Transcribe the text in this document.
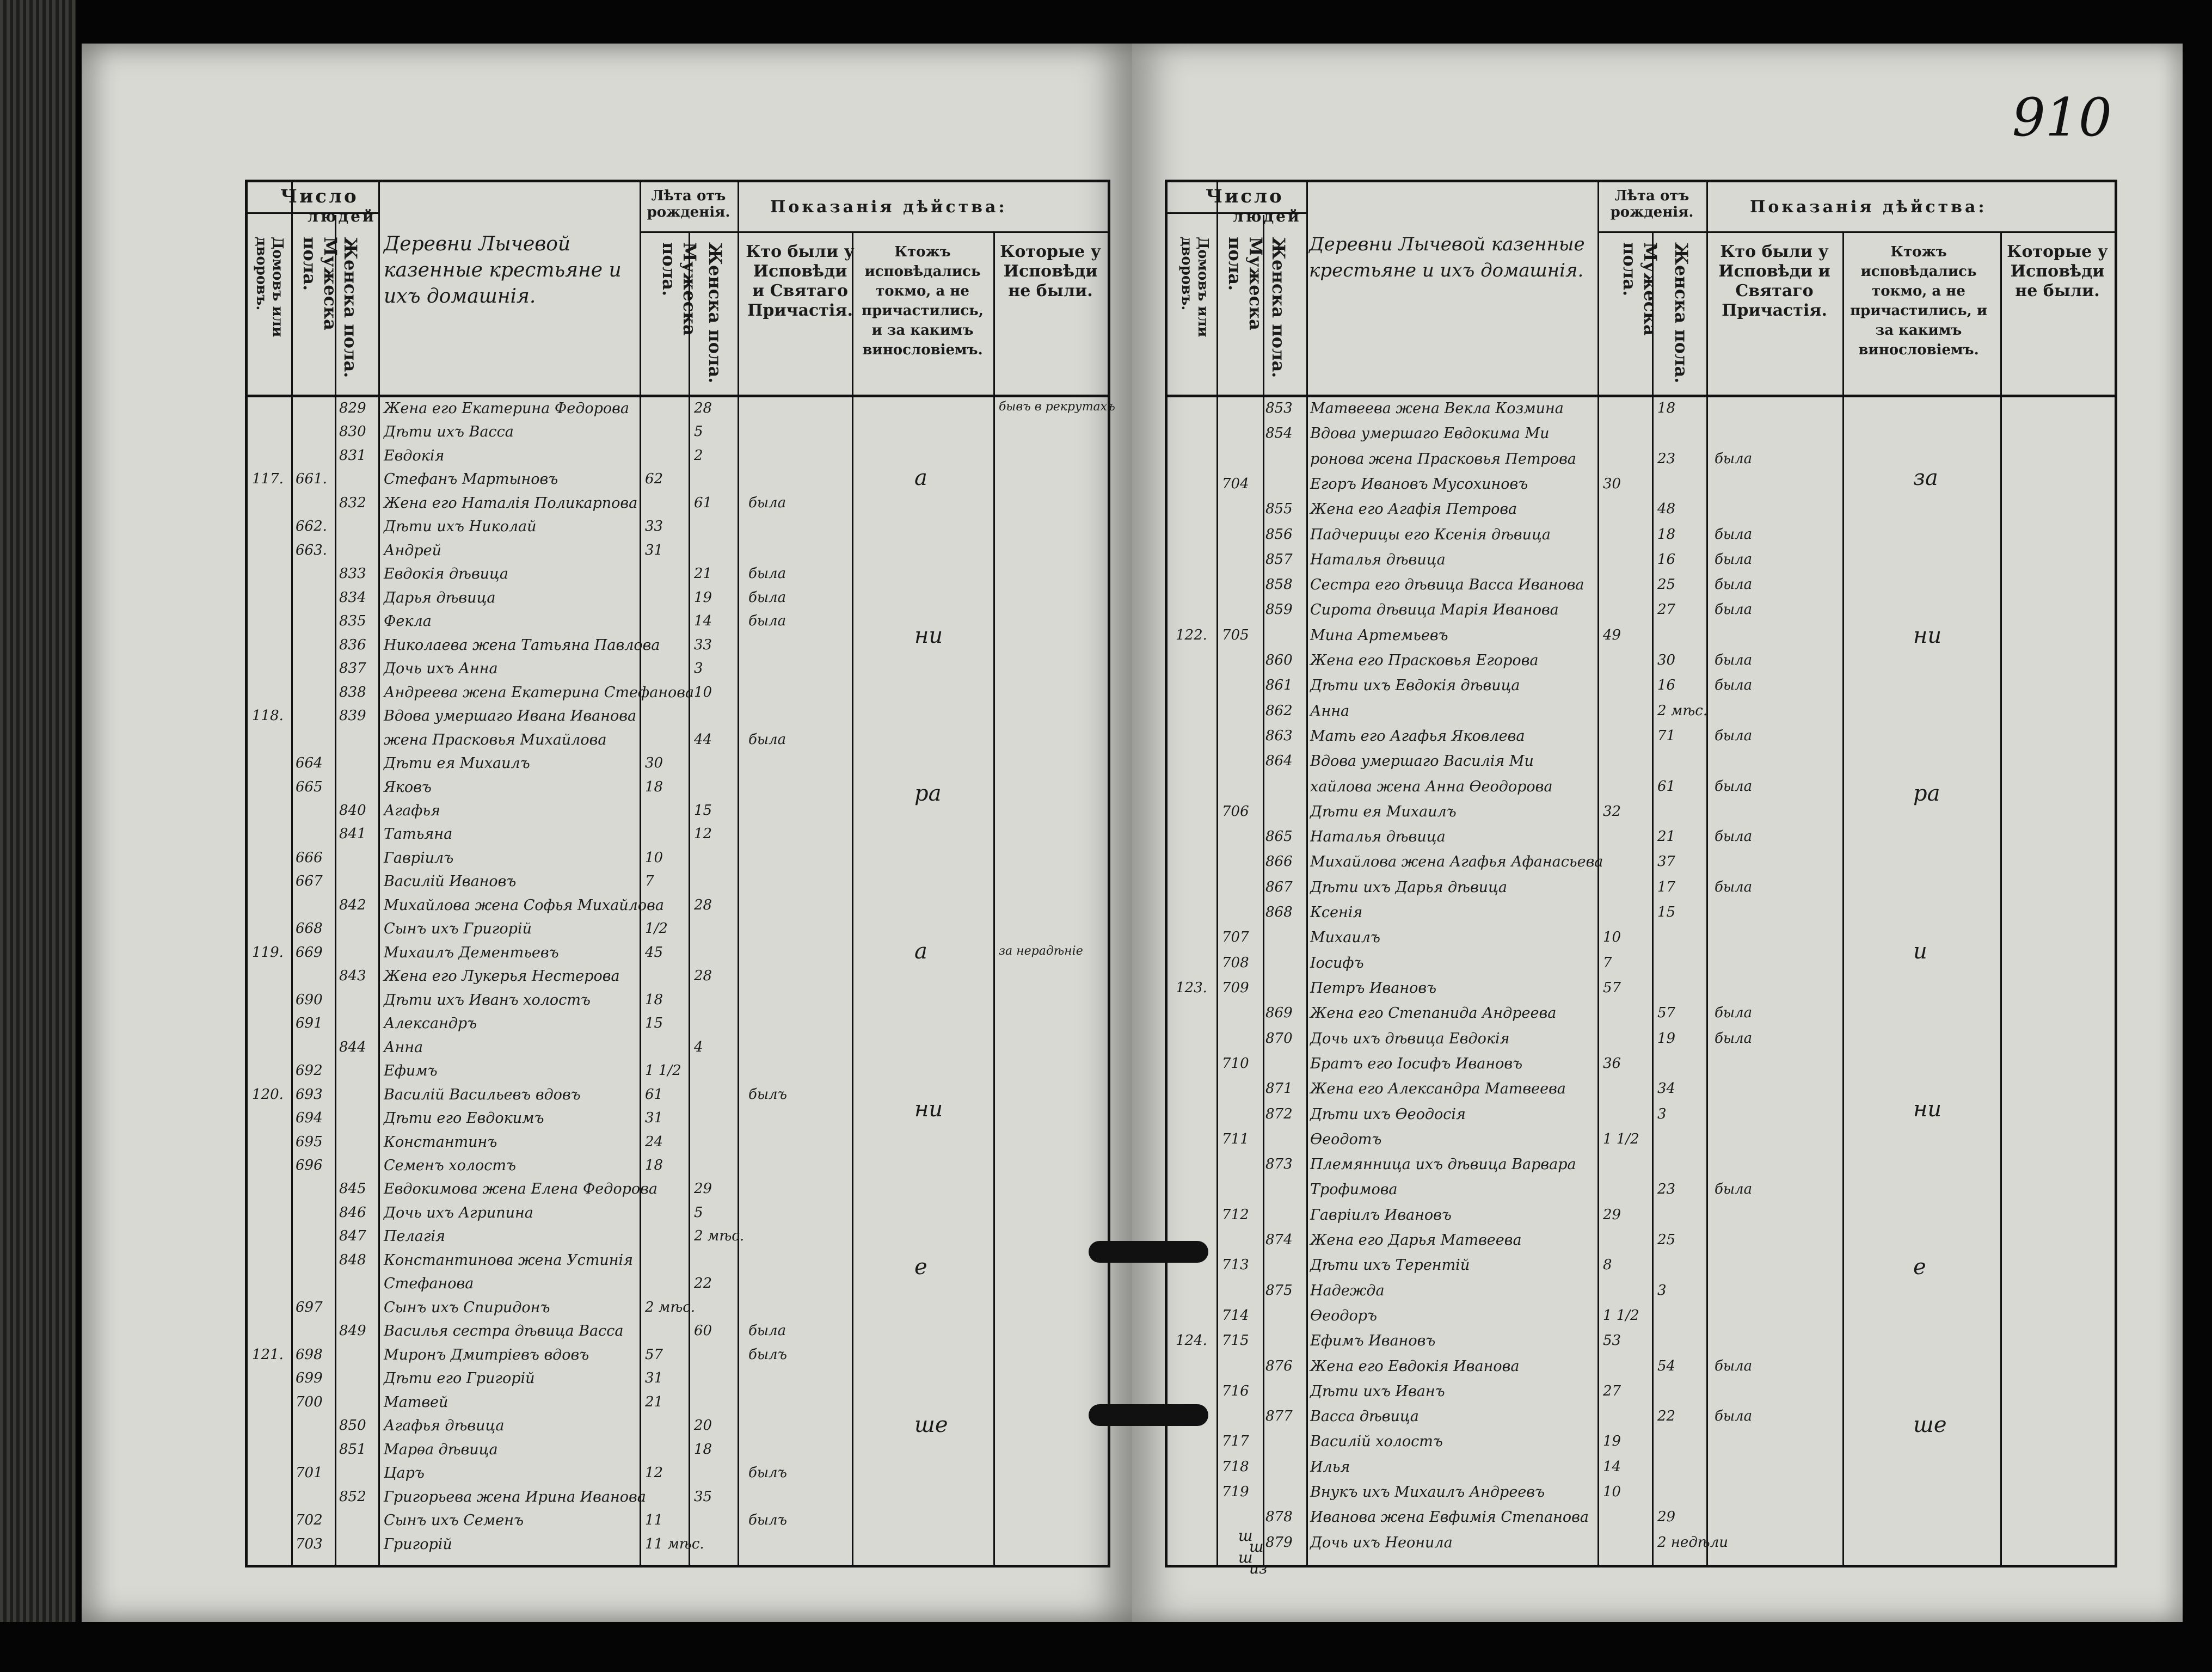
Число
людей
Домовъ или дворовъ.	Мужеска пола.	Женска пола. Деревни Лычевой казенные крестьяне и ихъ домашнія.
Лѣта отъ рожденія.
Мужеска пола.	Женска пола.
Показанія дѣйства:
Кто были у Исповѣди и Святаго Причастія.
Ктожъ исповѣдались токмо, а не причастились, и за какимъ винословіемъ.
Которые у Исповѣди не были.
829	Жена его Екатерина Федорова	28	бывъ в рекрутахъ
830	Дѣти ихъ Васса	5
831	Евдокія	2
117. 661.	Стефанъ Мартыновъ	62
832	Жена его Наталія Поликарпова	61	была
662.	Дѣти ихъ Николай	33
663.	Андрей	31
833	Евдокія дѣвица	21	была
834	Дарья дѣвица	19	была
835	Фекла	14	была
836	Николаева жена Татьяна Павлова 33
837	Дочь ихъ Анна	3
838	Андреева жена Екатерина Стефанова 10
118.	839	Вдова умершаго Ивана Иванова
жена Прасковья Михайлова	44	была
664	Дѣти ея Михаилъ	30
665	Яковъ	18
840	Агафья	15
841	Татьяна	12
666	Гавріилъ	10
667	Василій Ивановъ	7
842	Михайлова жена Софья Михайлова 28
668	Сынъ ихъ Григорій	1/2
119. 669	Михаилъ Дементьевъ	45	за нерадѣніе
843	Жена его Лукерья Нестерова	28
690	Дѣти ихъ Иванъ холостъ	18
691	Александръ	15
844	Анна	4
692	Ефимъ	1 1/2
120. 693	Василій Васильевъ вдовъ	61	былъ
694	Дѣти его Евдокимъ	31
695	Константинъ	24
696	Семенъ холостъ	18
845	Евдокимова жена Елена Федорова	29
846	Дочь ихъ Агрипина	5
847	Пелагія	2 мѣс.
848	Константинова жена Устинія
Стефанова	22
697	Сынъ ихъ Спиридонъ	2 мѣс.
849	Василья сестра дѣвица Васса	60	была
121. 698	Миронъ Дмитріевъ вдовъ	57	былъ
699	Дѣти его Григорій	31
700	Матвей	21
850	Агафья дѣвица	20
851	Марѳа дѣвица	18
701	Царъ	12	былъ
852	Григорьева жена Ирина Иванова	35
702	Сынъ ихъ Семенъ	11	былъ
703	Григорій	11 мѣс.
а
ни
ра
а
ни
е
ше
910
Число
людей
Домовъ или дворовъ.	Мужеска пола.	Женска пола. Деревни Лычевой казенные крестьяне и ихъ домашнія.
Лѣта отъ рожденія.
Мужеска пола.	Женска пола.
Показанія дѣйства:
Кто были у Исповѣди и Святаго Причастія.
Ктожъ исповѣдались токмо, а не причастились, и за какимъ винословіемъ.
Которые у Исповѣди не были.
853	Матвеева жена Векла Козмина	18
854	Вдова умершаго Евдокима Ми
ронова жена Прасковья Петрова	23	была
704	Егоръ Ивановъ Мусохиновъ	30
855	Жена его Агафія Петрова	48
856	Падчерицы его Ксенія дѣвица	18	была
857	Наталья дѣвица	16	была
858	Сестра его дѣвица Васса Иванова	25	была
859	Сирота дѣвица Марія Иванова	27	была
122.	705	Мина Артемьевъ	49
860	Жена его Прасковья Егорова	30	была
861	Дѣти ихъ Евдокія дѣвица	16	была
862	Анна	2 мѣс.
863	Мать его Агафья Яковлева	71	была
864	Вдова умершаго Василія Ми
хайлова жена Анна Өеодорова	61	была
706	Дѣти ея Михаилъ	32
865	Наталья дѣвица	21	была
866	Михайлова жена Агафья Афанасьева	37
867	Дѣти ихъ Дарья дѣвица	17	была
868	Ксенія	15
707	Михаилъ	10
708	Іосифъ	7
123.	709	Петръ Ивановъ	57
869	Жена его Степанида Андреева	57	была
870	Дочь ихъ дѣвица Евдокія	19	была
710	Братъ его Іосифъ Ивановъ	36
871	Жена его Александра Матвеева	34
872	Дѣти ихъ Өеодосія	3
711	Өеодотъ	1 1/2
873	Племянница ихъ дѣвица Варвара
Трофимова	23	была
712	Гавріилъ Ивановъ	29
874	Жена его Дарья Матвеева	25
713	Дѣти ихъ Терентій	8
875	Надежда	3
714	Өеодоръ	1 1/2
124.	715	Ефимъ Ивановъ	53
876	Жена его Евдокія Иванова	54	была
716	Дѣти ихъ Иванъ	27
877	Васса дѣвица	22	была
717	Василій холостъ	19
718	Илья	14
719	Внукъ ихъ Михаилъ Андреевъ	10
878	Иванова жена Евфимія Степанова	29
879	Дочь ихъ Неонила	2 недѣли
за
ни
ра
и
ни
е
ше
ш
ш
ш
из
